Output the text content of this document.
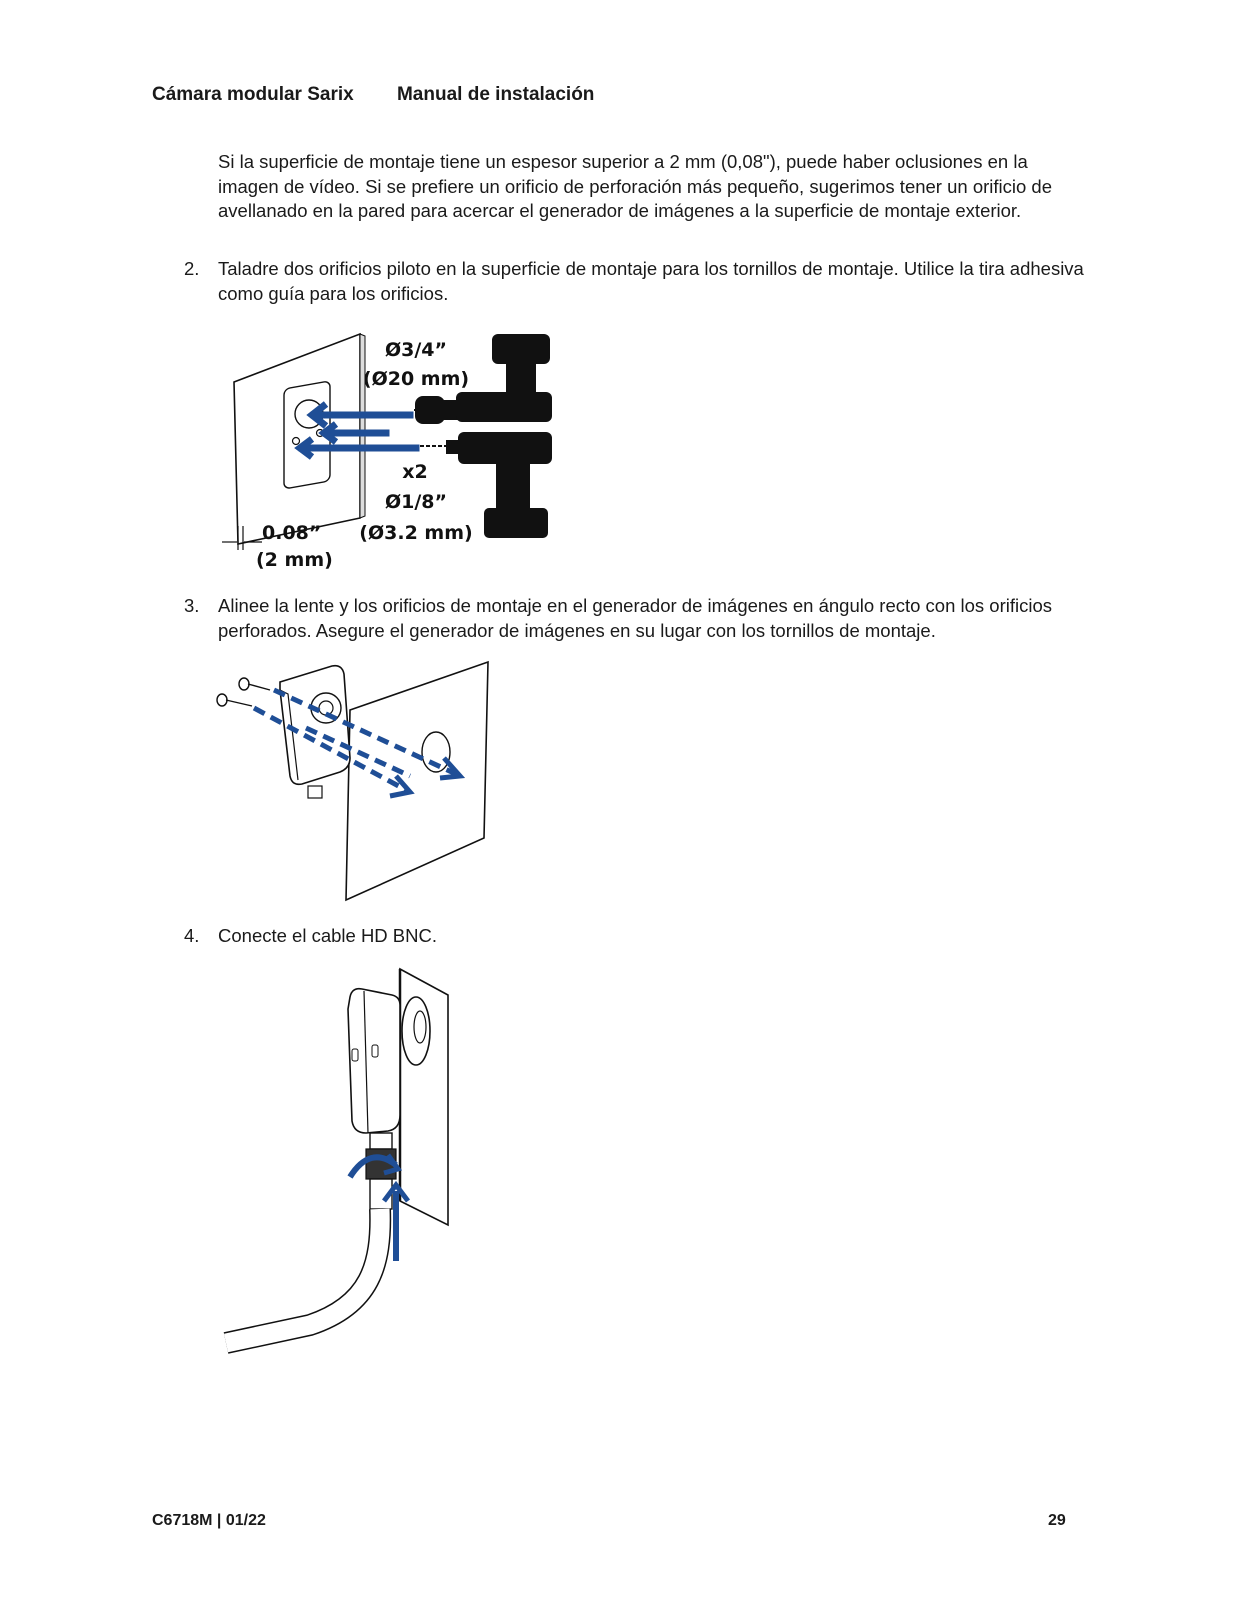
Cámara modular Sarix Manual de instalación
Si la superficie de montaje tiene un espesor superior a 2 mm (0,08"), puede haber oclusiones en la imagen de vídeo. Si se prefiere un orificio de perforación más pequeño, sugerimos tener un orificio de avellanado en la pared para acercar el generador de imágenes a la superficie de montaje exterior.
2.	Taladre dos orificios piloto en la superficie de montaje para los tornillos de montaje. Utilice la tira adhesiva como guía para los orificios.
Ø3/4”
(Ø20 mm)
x2
Ø1/8”
(Ø3.2 mm)
0.08”
(2 mm)
3.	Alinee la lente y los orificios de montaje en el generador de imágenes en ángulo recto con los orificios perforados. Asegure el generador de imágenes en su lugar con los tornillos de montaje.
4.	Conecte el cable HD BNC.
C6718M | 01/22	29
